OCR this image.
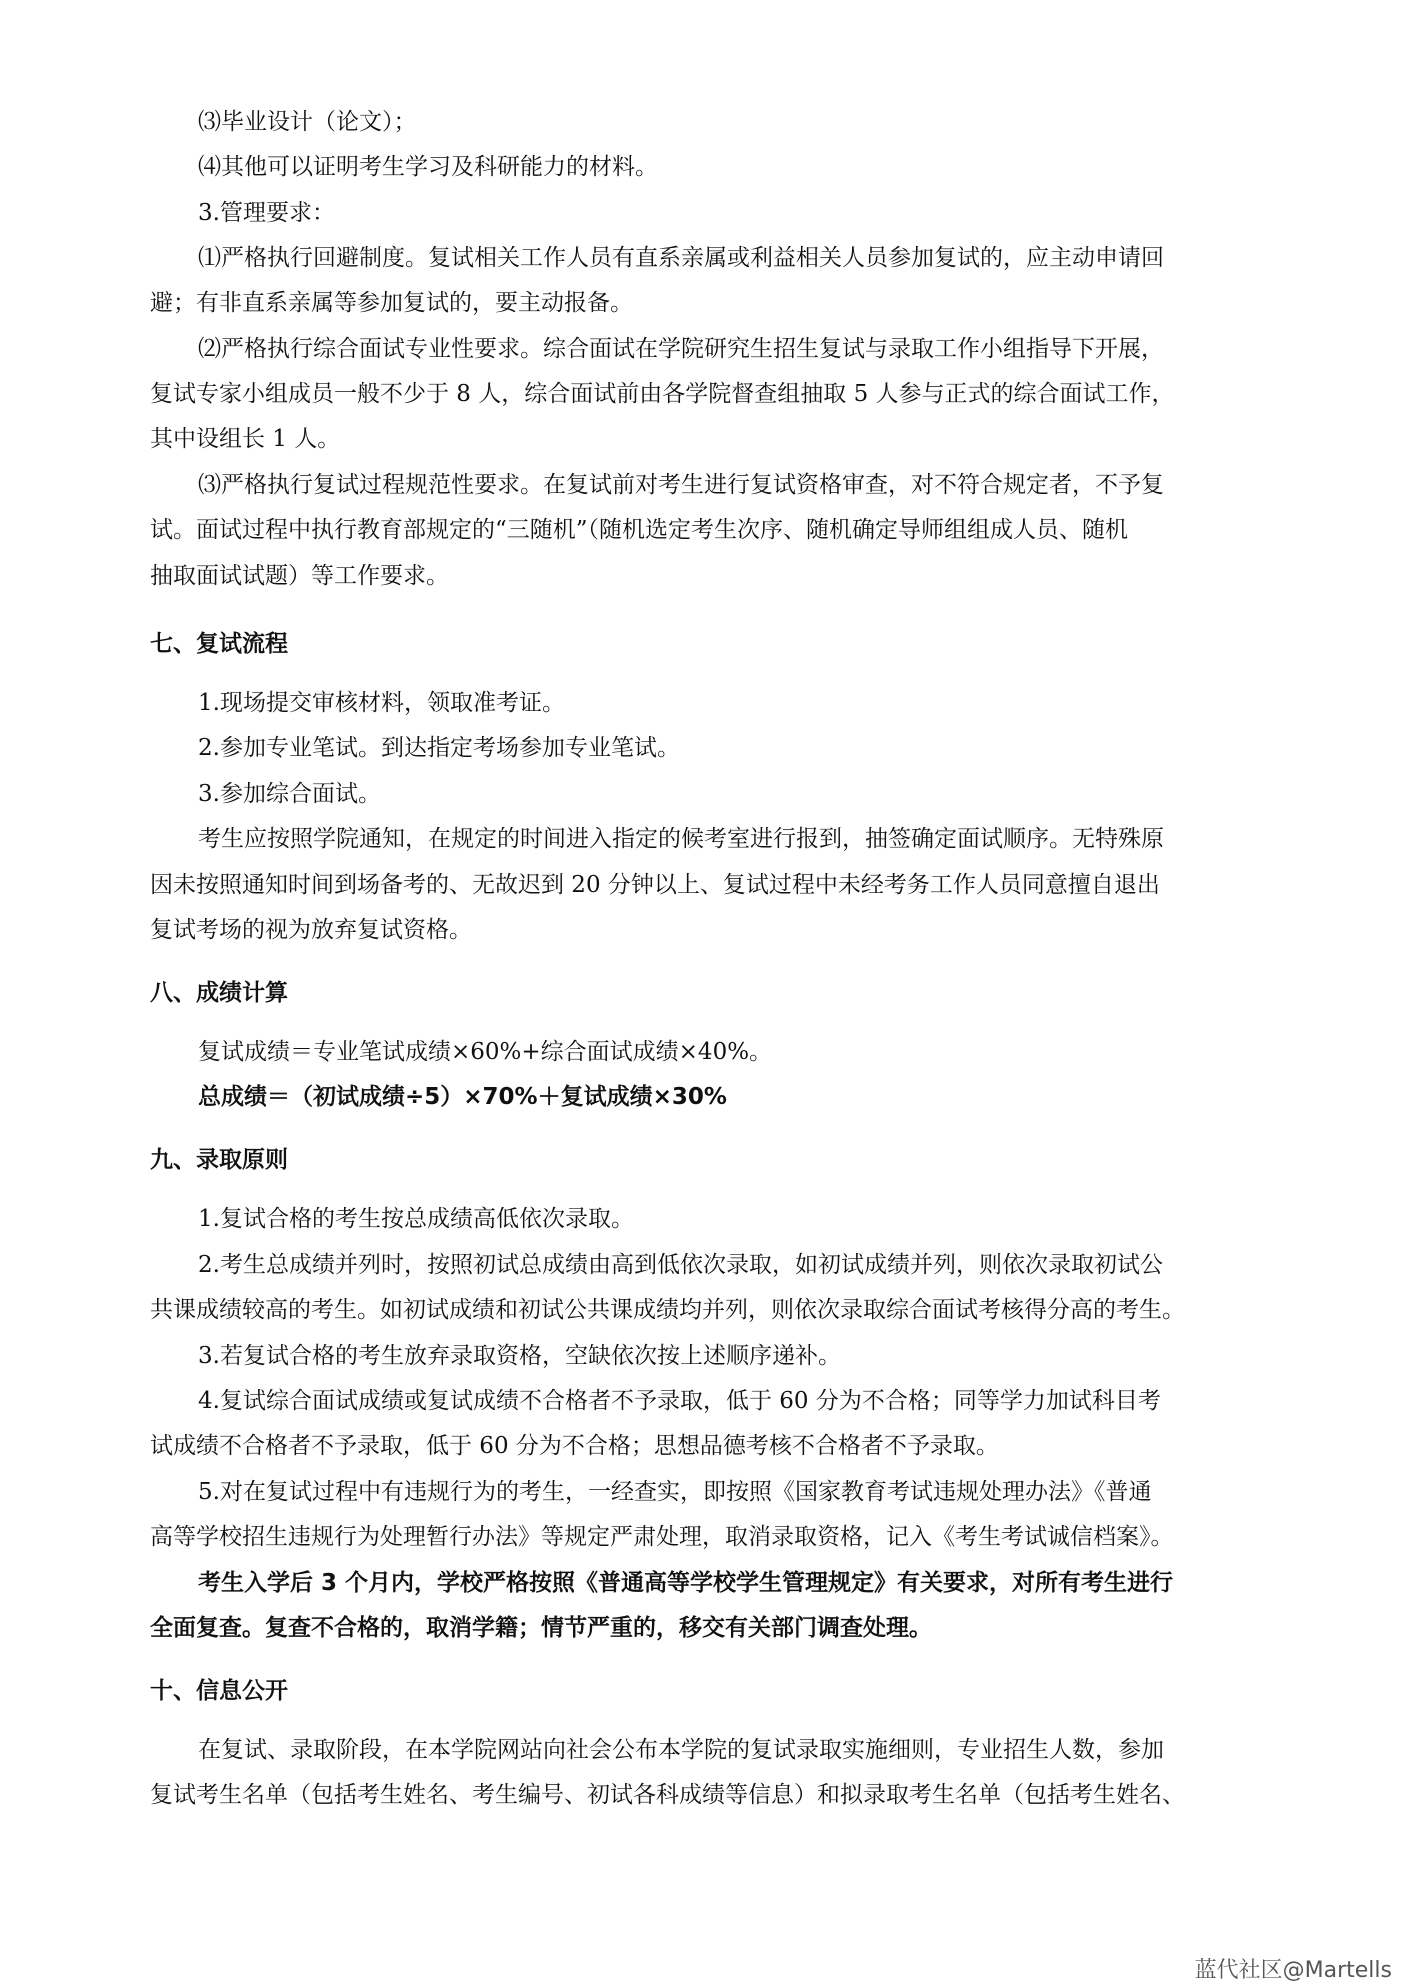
⑶毕业设计（论文）；
⑷其他可以证明考生学习及科研能力的材料。
3.管理要求：
⑴严格执行回避制度。复试相关工作人员有直系亲属或利益相关人员参加复试的，应主动申请回
避；有非直系亲属等参加复试的，要主动报备。
⑵严格执行综合面试专业性要求。综合面试在学院研究生招生复试与录取工作小组指导下开展，
复试专家小组成员一般不少于 8 人，综合面试前由各学院督查组抽取 5 人参与正式的综合面试工作，
其中设组长 1 人。
⑶严格执行复试过程规范性要求。在复试前对考生进行复试资格审查，对不符合规定者，不予复
试。面试过程中执行教育部规定的“三随机”（随机选定考生次序、随机确定导师组组成人员、随机
抽取面试试题）等工作要求。
七、复试流程
1.现场提交审核材料，领取准考证。
2.参加专业笔试。到达指定考场参加专业笔试。
3.参加综合面试。
考生应按照学院通知，在规定的时间进入指定的候考室进行报到，抽签确定面试顺序。无特殊原
因未按照通知时间到场备考的、无故迟到 20 分钟以上、复试过程中未经考务工作人员同意擅自退出
复试考场的视为放弃复试资格。
八、成绩计算
复试成绩＝专业笔试成绩×60%+综合面试成绩×40%。
总成绩＝（初试成绩÷5）×70%＋复试成绩×30%
九、录取原则
1.复试合格的考生按总成绩高低依次录取。
2.考生总成绩并列时，按照初试总成绩由高到低依次录取，如初试成绩并列，则依次录取初试公
共课成绩较高的考生。如初试成绩和初试公共课成绩均并列，则依次录取综合面试考核得分高的考生。
3.若复试合格的考生放弃录取资格，空缺依次按上述顺序递补。
4.复试综合面试成绩或复试成绩不合格者不予录取，低于 60 分为不合格；同等学力加试科目考
试成绩不合格者不予录取，低于 60 分为不合格；思想品德考核不合格者不予录取。
5.对在复试过程中有违规行为的考生，一经查实，即按照《国家教育考试违规处理办法》《普通
高等学校招生违规行为处理暂行办法》等规定严肃处理，取消录取资格，记入《考生考试诚信档案》。
考生入学后 3 个月内，学校严格按照《普通高等学校学生管理规定》有关要求，对所有考生进行
全面复查。复查不合格的，取消学籍；情节严重的，移交有关部门调查处理。
十、信息公开
在复试、录取阶段，在本学院网站向社会公布本学院的复试录取实施细则，专业招生人数，参加
复试考生名单（包括考生姓名、考生编号、初试各科成绩等信息）和拟录取考生名单（包括考生姓名、
蓝代社区@Martells
